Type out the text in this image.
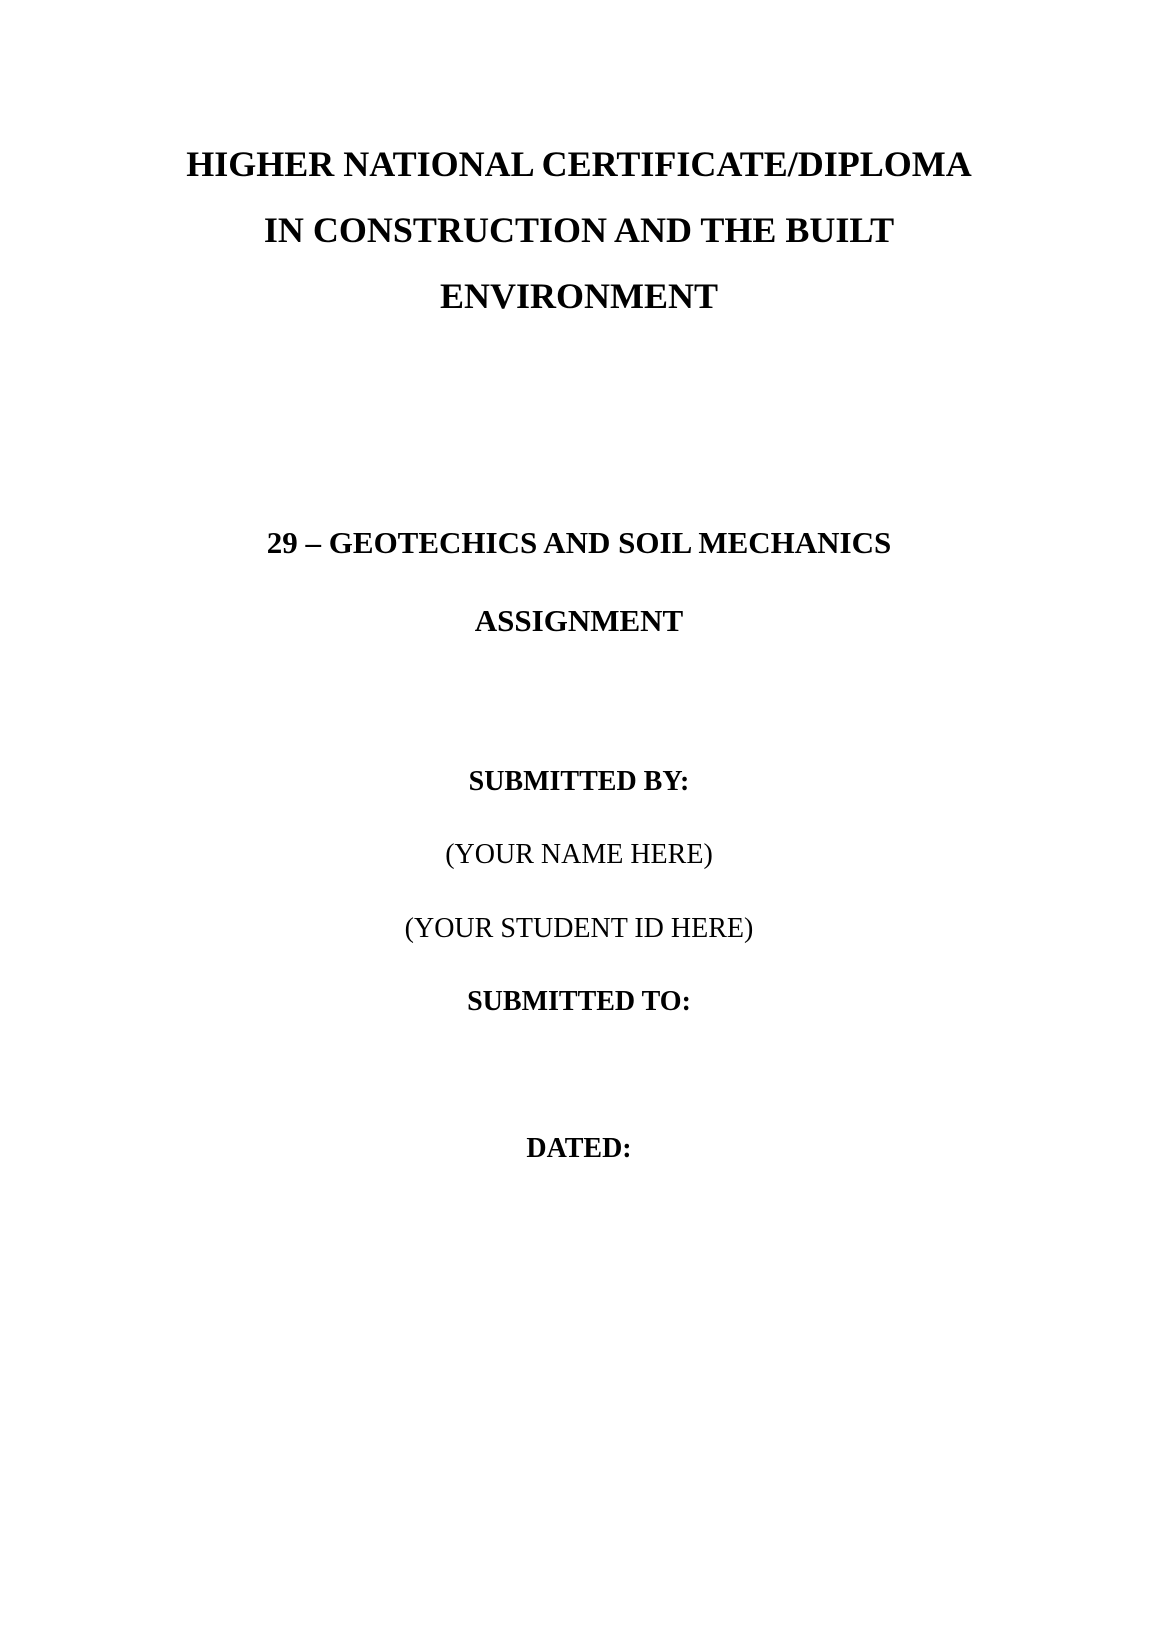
HIGHER NATIONAL CERTIFICATE/DIPLOMA
IN CONSTRUCTION AND THE BUILT
ENVIRONMENT
29 – GEOTECHICS AND SOIL MECHANICS
ASSIGNMENT

SUBMITTED BY:

(YOUR NAME HERE)

(YOUR STUDENT ID HERE)

SUBMITTED TO:

DATED:
